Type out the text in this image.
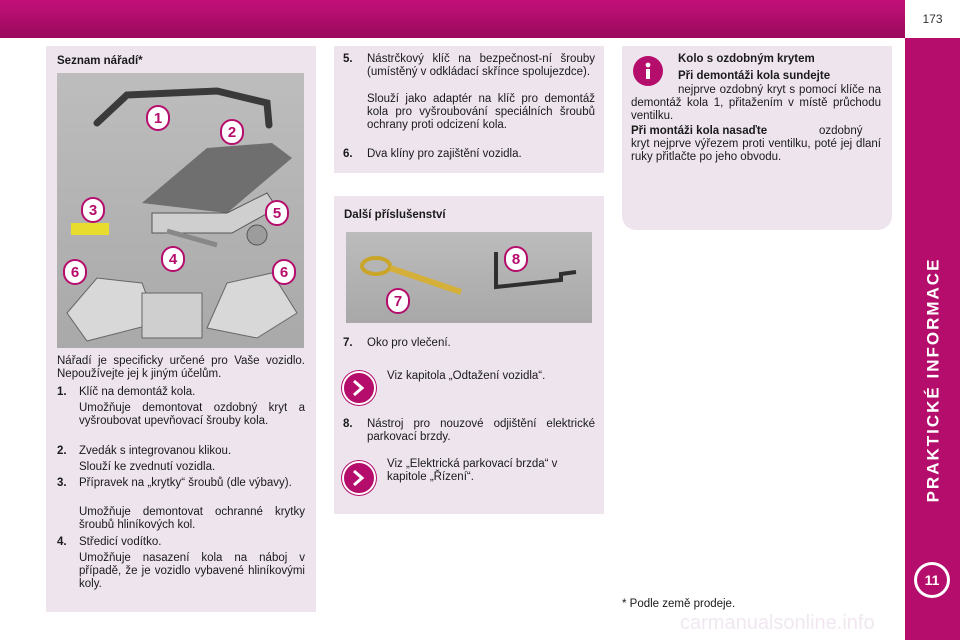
173
PRAKTICKÉ INFORMACE
11
Seznam nářadí*
1
2
3	5
6
4
6
Nářadí je specificky určené pro Vaše vozidlo. Nepoužívejte jej k jiným účelům.
1. Klíč na demontáž kola.
Umožňuje demontovat ozdobný kryt a vyšroubovat upevňovací šrouby kola.
2. Zvedák s integrovanou klikou.
Slouží ke zvednutí vozidla.
3. Přípravek na „krytky“ šroubů (dle výbavy).
Umožňuje demontovat ochranné krytky šroubů hliníkových kol.
4. Středicí vodítko.
Umožňuje nasazení kola na náboj v případě, že je vozidlo vybavené hliníkovými koly.
5. Nástrčkový klíč na bezpečnost-ní šrouby (umístěný v odkládací skřínce spolujezdce).
Slouží jako adaptér na klíč pro demontáž kola pro vyšroubování speciálních šroubů ochrany proti odcizení kola.
6. Dva klíny pro zajištění vozidla.
Další příslušenství
8
7
7. Oko pro vlečení.
Viz kapitola „Odtažení vozidla“.
8. Nástroj pro nouzové odjištění elektrické parkovací brzdy.
Viz „Elektrická parkovací brzda“ v kapitole „Řízení“.
Kolo s ozdobným krytem
Při demontáži kola sundejte
nejprve ozdobný kryt s pomocí klíče na demontáž kola 1, přitažením v místě průchodu ventilku.
Při montáži kola nasaďte	ozdobný kryt nejprve výřezem proti ventilku, poté jej dlaní ruky přitlačte po jeho obvodu.
* Podle země prodeje.
carmanualsonline.info
